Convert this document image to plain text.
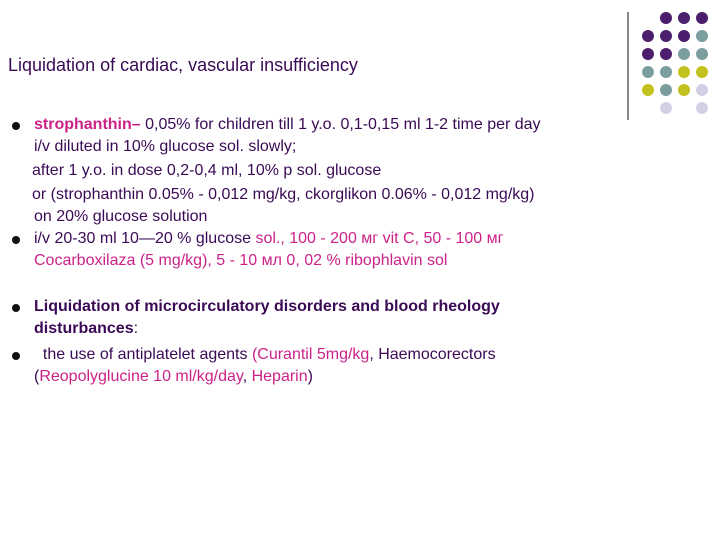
Liquidation of cardiac, vascular insufficiency
strophanthin– 0,05% for children till 1 y.o. 0,1-0,15 ml 1-2 time per day
i/v diluted in 10% glucose sol. slowly;
after 1 y.o. in dose 0,2-0,4 ml, 10% p sol. glucose
or (strophanthin 0.05% - 0,012 mg/kg, ckorglikon 0.06% - 0,012 mg/kg)
on 20% glucose solution
i/v 20-30 ml 10—20 % glucose sol., 100 - 200 мг vit C, 50 - 100 мг
Cocarboxilaza (5 mg/kg), 5 - 10 мл 0, 02 % ribophlavin sol
Liquidation of microcirculatory disorders and blood rheology
disturbances:
the use of antiplatelet agents (Curantil 5mg/kg, Haemocorectors
(Reopolyglucine 10 ml/kg/day, Heparin)
